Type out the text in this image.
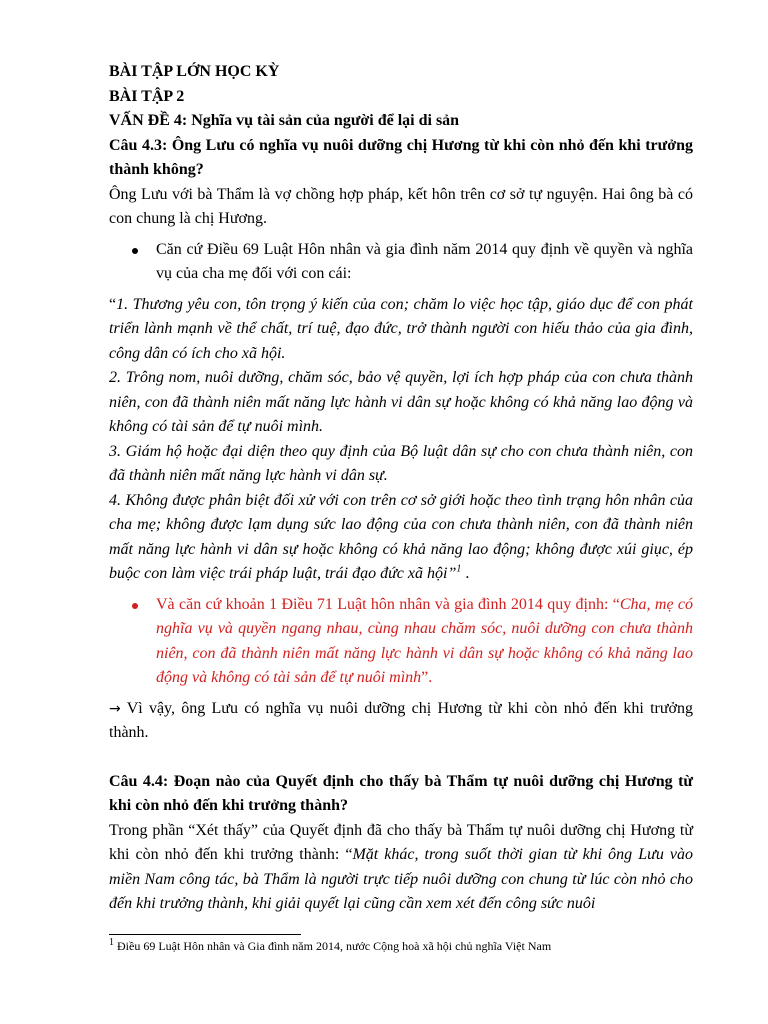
BÀI TẬP LỚN HỌC KỲ

BÀI TẬP 2

VẤN ĐỀ 4: Nghĩa vụ tài sản của người để lại di sản

Câu 4.3: Ông Lưu có nghĩa vụ nuôi dưỡng chị Hương từ khi còn nhỏ đến khi trưởng thành không?

Ông Lưu với bà Thẩm là vợ chồng hợp pháp, kết hôn trên cơ sở tự nguyện. Hai ông bà có con chung là chị Hương.

Căn cứ Điều 69 Luật Hôn nhân và gia đình năm 2014 quy định về quyền và nghĩa vụ của cha mẹ đối với con cái:

“1. Thương yêu con, tôn trọng ý kiến của con; chăm lo việc học tập, giáo dục để con phát triển lành mạnh về thể chất, trí tuệ, đạo đức, trở thành người con hiếu thảo của gia đình, công dân có ích cho xã hội.

2. Trông nom, nuôi dưỡng, chăm sóc, bảo vệ quyền, lợi ích hợp pháp của con chưa thành niên, con đã thành niên mất năng lực hành vi dân sự hoặc không có khả năng lao động và không có tài sản để tự nuôi mình.

3. Giám hộ hoặc đại diện theo quy định của Bộ luật dân sự cho con chưa thành niên, con đã thành niên mất năng lực hành vi dân sự.

4. Không được phân biệt đối xử với con trên cơ sở giới hoặc theo tình trạng hôn nhân của cha mẹ; không được lạm dụng sức lao động của con chưa thành niên, con đã thành niên mất năng lực hành vi dân sự hoặc không có khả năng lao động; không được xúi giục, ép buộc con làm việc trái pháp luật, trái đạo đức xã hội”$^1$ .

Và căn cứ khoản 1 Điều 71 Luật hôn nhân và gia đình 2014 quy định: “Cha, mẹ có nghĩa vụ và quyền ngang nhau, cùng nhau chăm sóc, nuôi dưỡng con chưa thành niên, con đã thành niên mất năng lực hành vi dân sự hoặc không có khả năng lao động và không có tài sản để tự nuôi mình”.

→ Vì vậy, ông Lưu có nghĩa vụ nuôi dưỡng chị Hương từ khi còn nhỏ đến khi trưởng thành.

Câu 4.4: Đoạn nào của Quyết định cho thấy bà Thẩm tự nuôi dưỡng chị Hương từ khi còn nhỏ đến khi trưởng thành?

Trong phần “Xét thấy” của Quyết định đã cho thấy bà Thẩm tự nuôi dưỡng chị Hương từ khi còn nhỏ đến khi trưởng thành: “Mặt khác, trong suốt thời gian từ khi ông Lưu vào miền Nam công tác, bà Thẩm là người trực tiếp nuôi dưỡng con chung từ lúc còn nhỏ cho đến khi trưởng thành, khi giải quyết lại cũng cần xem xét đến công sức nuôi

$^1$ Điều 69 Luật Hôn nhân và Gia đình năm 2014, nước Cộng hoà xã hội chủ nghĩa Việt Nam
